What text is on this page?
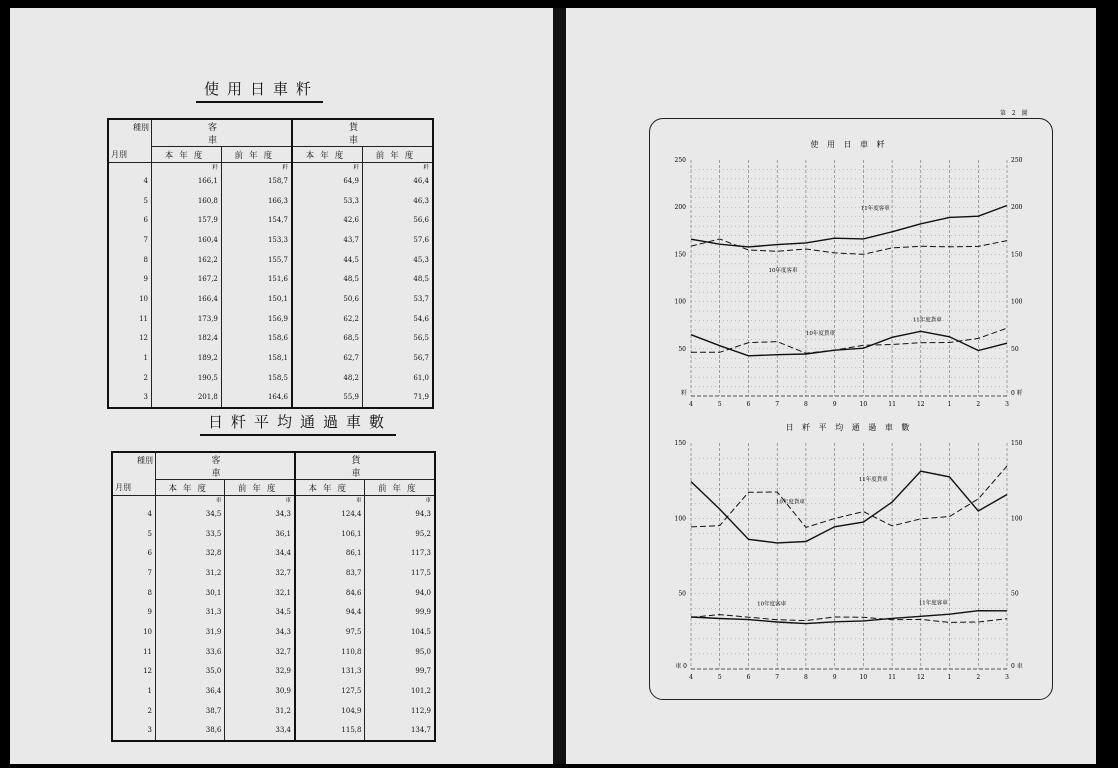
使用日車粁
種別
月別	客　　　車		貨　　　車	
	本年度	前年度	本年度	前年度
	粁	粁	粁	粁
4	166,1	158,7	64,9	46,4
5	160,8	166,3	53,3	46,3
6	157,9	154,7	42,6	56,6
7	160,4	153,3	43,7	57,6
8	162,2	155,7	44,5	45,3
9	167,2	151,6	48,5	48,5
10	166,4	150,1	50,6	53,7
11	173,9	156,9	62,2	54,6
12	182,4	158,6	68,5	56,5
1	189,2	158,1	62,7	56,7
2	190,5	158,5	48,2	61,0
3	201,8	164,6	55,9	71,9
日粁平均通過車數
種別
月別	客　　　車		貨　　　車	
	本年度	前年度	本年度	前年度
	車	車	車	車
4	34,5	34,3	124,4	94,3
5	33,5	36,1	106,1	95,2
6	32,8	34,4	86,1	117,3
7	31,2	32,7	83,7	117,5
8	30,1	32,1	84,6	94,0
9	31,3	34,5	94,4	99,9
10	31,9	34,3	97,5	104,5
11	33,6	32,7	110,8	95,0
12	35,0	32,9	131,3	99,7
1	36,4	30,9	127,5	101,2
2	38,7	31,2	104,9	112,9
3	38,6	33,4	115,8	134,7
第 2 圖
使 用 日 車 粁
4	5	6	7	8	9	10	11	12	1	2	3
250	250
200	200
150	150
100	100
50	50
粁	0 粁
11年度客車
10年度客車
11年度貨車
10年度貨車
日 粁 平 均 通 過 車 數
4	5	6	7	8	9	10	11	12	1	2	3
150	150
100	100
50	50
車 0	0 車
11年度貨車
10年度貨車
11年度客車
10年度客車
